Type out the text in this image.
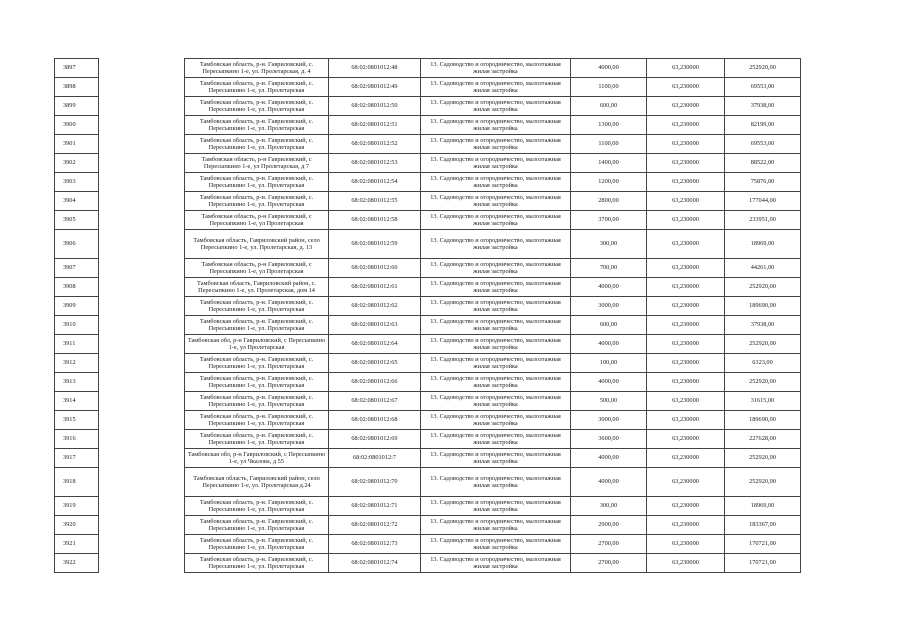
3897		Тамбовская область, р-н. Гавриловский, с. Пересыпкино 1-е, ул. Пролетарская, д. 4	68:02:0801012:48	13. Садоводство и огородничество, малоэтажная жилая застройка	4000,00	63,230000	252920,00
3898		Тамбовская область, р-н. Гавриловский, с. Пересыпкино 1-е, ул. Пролетарская	68:02:0801012:49	13. Садоводство и огородничество, малоэтажная жилая застройка	1100,00	63,230000	69553,00
3899		Тамбовская область, р-н. Гавриловский, с. Пересыпкино 1-е, ул. Пролетарская	68:02:0801012:50	13. Садоводство и огородничество, малоэтажная жилая застройка	600,00	63,230000	37938,00
3900		Тамбовская область, р-н. Гавриловский, с. Пересыпкино 1-е, ул. Пролетарская	68:02:0801012:51	13. Садоводство и огородничество, малоэтажная жилая застройка	1300,00	63,230000	82199,00
3901		Тамбовская область, р-н. Гавриловский, с. Пересыпкино 1-е, ул. Пролетарская	68:02:0801012:52	13. Садоводство и огородничество, малоэтажная жилая застройка	1100,00	63,230000	69553,00
3902		Тамбовская область, р-н Гавриловский, с Пересыпкино 1-е, ул Пролетарская, д 7	68:02:0801012:53	13. Садоводство и огородничество, малоэтажная жилая застройка	1400,00	63,230000	88522,00
3903		Тамбовская область, р-н. Гавриловский, с. Пересыпкино 1-е, ул. Пролетарская	68:02:0801012:54	13. Садоводство и огородничество, малоэтажная жилая застройка	1200,00	63,230000	75876,00
3904		Тамбовская область, р-н. Гавриловский, с. Пересыпкино 1-е, ул. Пролетарская	68:02:0801012:55	13. Садоводство и огородничество, малоэтажная жилая застройка	2800,00	63,230000	177044,00
3905		Тамбовская область, р-н Гавриловский, с Пересыпкино 1-е, ул Пролетарская	68:02:0801012:58	13. Садоводство и огородничество, малоэтажная жилая застройка	3700,00	63,230000	233951,00
3906		Тамбовская область, Гавриловский район, село Пересыпкино 1-е, ул. Пролетарская, д. 13	68:02:0801012:59	13. Садоводство и огородничество, малоэтажная жилая застройка	300,00	63,230000	18969,00
3907		Тамбовская область, р-н Гавриловский, с Пересыпкино 1-е, ул Пролетарская	68:02:0801012:60	13. Садоводство и огородничество, малоэтажная жилая застройка	700,00	63,230000	44261,00
3908		Тамбовская область, Гавриловский район, с. Пересыпкино 1-е, ул. Пролетарская, дом 14	68:02:0801012:61	13. Садоводство и огородничество, малоэтажная жилая застройка	4000,00	63,230000	252920,00
3909		Тамбовская область, р-н. Гавриловский, с. Пересыпкино 1-е, ул. Пролетарская	68:02:0801012:62	13. Садоводство и огородничество, малоэтажная жилая застройка	3000,00	63,230000	189690,00
3910		Тамбовская область, р-н. Гавриловский, с. Пересыпкино 1-е, ул. Пролетарская	68:02:0801012:63	13. Садоводство и огородничество, малоэтажная жилая застройка	600,00	63,230000	37938,00
3911		Тамбовская обл, р-н Гавриловский, с Пересыпкино 1-е, ул Пролетарская	68:02:0801012:64	13. Садоводство и огородничество, малоэтажная жилая застройка	4000,00	63,230000	252920,00
3912		Тамбовская область, р-н. Гавриловский, с. Пересыпкино 1-е, ул. Пролетарская	68:02:0801012:65	13. Садоводство и огородничество, малоэтажная жилая застройка	100,00	63,230000	6323,00
3913		Тамбовская область, р-н. Гавриловский, с. Пересыпкино 1-е, ул. Пролетарская	68:02:0801012:66	13. Садоводство и огородничество, малоэтажная жилая застройка	4000,00	63,230000	252920,00
3914		Тамбовская область, р-н. Гавриловский, с. Пересыпкино 1-е, ул. Пролетарская	68:02:0801012:67	13. Садоводство и огородничество, малоэтажная жилая застройка	500,00	63,230000	31615,00
3915		Тамбовская область, р-н. Гавриловский, с. Пересыпкино 1-е, ул. Пролетарская	68:02:0801012:68	13. Садоводство и огородничество, малоэтажная жилая застройка	3000,00	63,230000	189690,00
3916		Тамбовская область, р-н. Гавриловский, с. Пересыпкино 1-е, ул. Пролетарская	68:02:0801012:69	13. Садоводство и огородничество, малоэтажная жилая застройка	3600,00	63,230000	227628,00
3917		Тамбовская обл, р-н Гавриловский, с Пересыпкино 1-е, ул Чкалова, д 55	68:02:0801012:7	13. Садоводство и огородничество, малоэтажная жилая застройка	4000,00	63,230000	252920,00
3918		Тамбовская область, Гавриловский район, село Пересыпкино 1-е, ул. Пролетарская д.24	68:02:0801012:70	13. Садоводство и огородничество, малоэтажная жилая застройка	4000,00	63,230000	252920,00
3919		Тамбовская область, р-н. Гавриловский, с. Пересыпкино 1-е, ул. Пролетарская	68:02:0801012:71	13. Садоводство и огородничество, малоэтажная жилая застройка	300,00	63,230000	18969,00
3920		Тамбовская область, р-н. Гавриловский, с. Пересыпкино 1-е, ул. Пролетарская	68:02:0801012:72	13. Садоводство и огородничество, малоэтажная жилая застройка	2900,00	63,230000	183367,00
3921		Тамбовская область, р-н. Гавриловский, с. Пересыпкино 1-е, ул. Пролетарская	68:02:0801012:73	13. Садоводство и огородничество, малоэтажная жилая застройка	2700,00	63,230000	170721,00
3922		Тамбовская область, р-н. Гавриловский, с. Пересыпкино 1-е, ул. Пролетарская	68:02:0801012:74	13. Садоводство и огородничество, малоэтажная жилая застройка	2700,00	63,230000	170721,00
